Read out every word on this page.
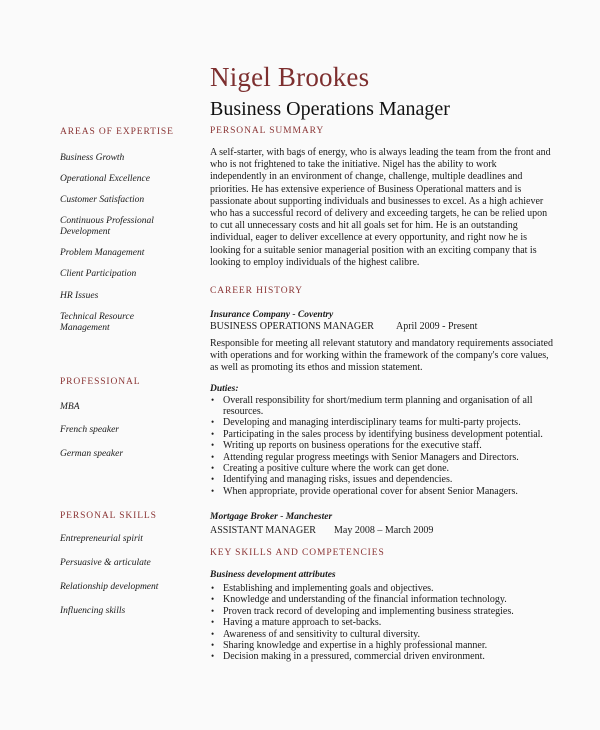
Nigel Brookes
Business Operations Manager
AREAS OF EXPERTISE
Business Growth
Operational Excellence
Customer Satisfaction
Continuous Professional Development
Problem Management
Client Participation
HR Issues
Technical Resource Management
PROFESSIONAL
MBA
French speaker
German speaker
PERSONAL SKILLS
Entrepreneurial spirit
Persuasive & articulate
Relationship development
Influencing skills
PERSONAL SUMMARY
A self-starter, with bags of energy, who is always leading the team from the front and who is not frightened to take the initiative. Nigel has the ability to work independently in an environment of change, challenge, multiple deadlines and priorities. He has extensive experience of Business Operational matters and is passionate about supporting individuals and businesses to excel. As a high achiever who has a successful record of delivery and exceeding targets, he can be relied upon to cut all unnecessary costs and hit all goals set for him. He is an outstanding individual, eager to deliver excellence at every opportunity, and right now he is looking for a suitable senior managerial position with an exciting company that is looking to employ individuals of the highest calibre.
CAREER HISTORY
Insurance Company - Coventry
BUSINESS OPERATIONS MANAGER	April 2009 - Present
Responsible for meeting all relevant statutory and mandatory requirements associated with operations and for working within the framework of the company's core values, as well as promoting its ethos and mission statement.
Duties:
• Overall responsibility for short/medium term planning and organisation of all resources.
• Developing and managing interdisciplinary teams for multi-party projects.
• Participating in the sales process by identifying business development potential.
• Writing up reports on business operations for the executive staff.
• Attending regular progress meetings with Senior Managers and Directors.
• Creating a positive culture where the work can get done.
• Identifying and managing risks, issues and dependencies.
• When appropriate, provide operational cover for absent Senior Managers.
Mortgage Broker - Manchester
ASSISTANT MANAGER	May 2008 – March 2009
KEY SKILLS AND COMPETENCIES
Business development attributes
• Establishing and implementing goals and objectives.
• Knowledge and understanding of the financial information technology.
• Proven track record of developing and implementing business strategies.
• Having a mature approach to set-backs.
• Awareness of and sensitivity to cultural diversity.
• Sharing knowledge and expertise in a highly professional manner.
• Decision making in a pressured, commercial driven environment.
